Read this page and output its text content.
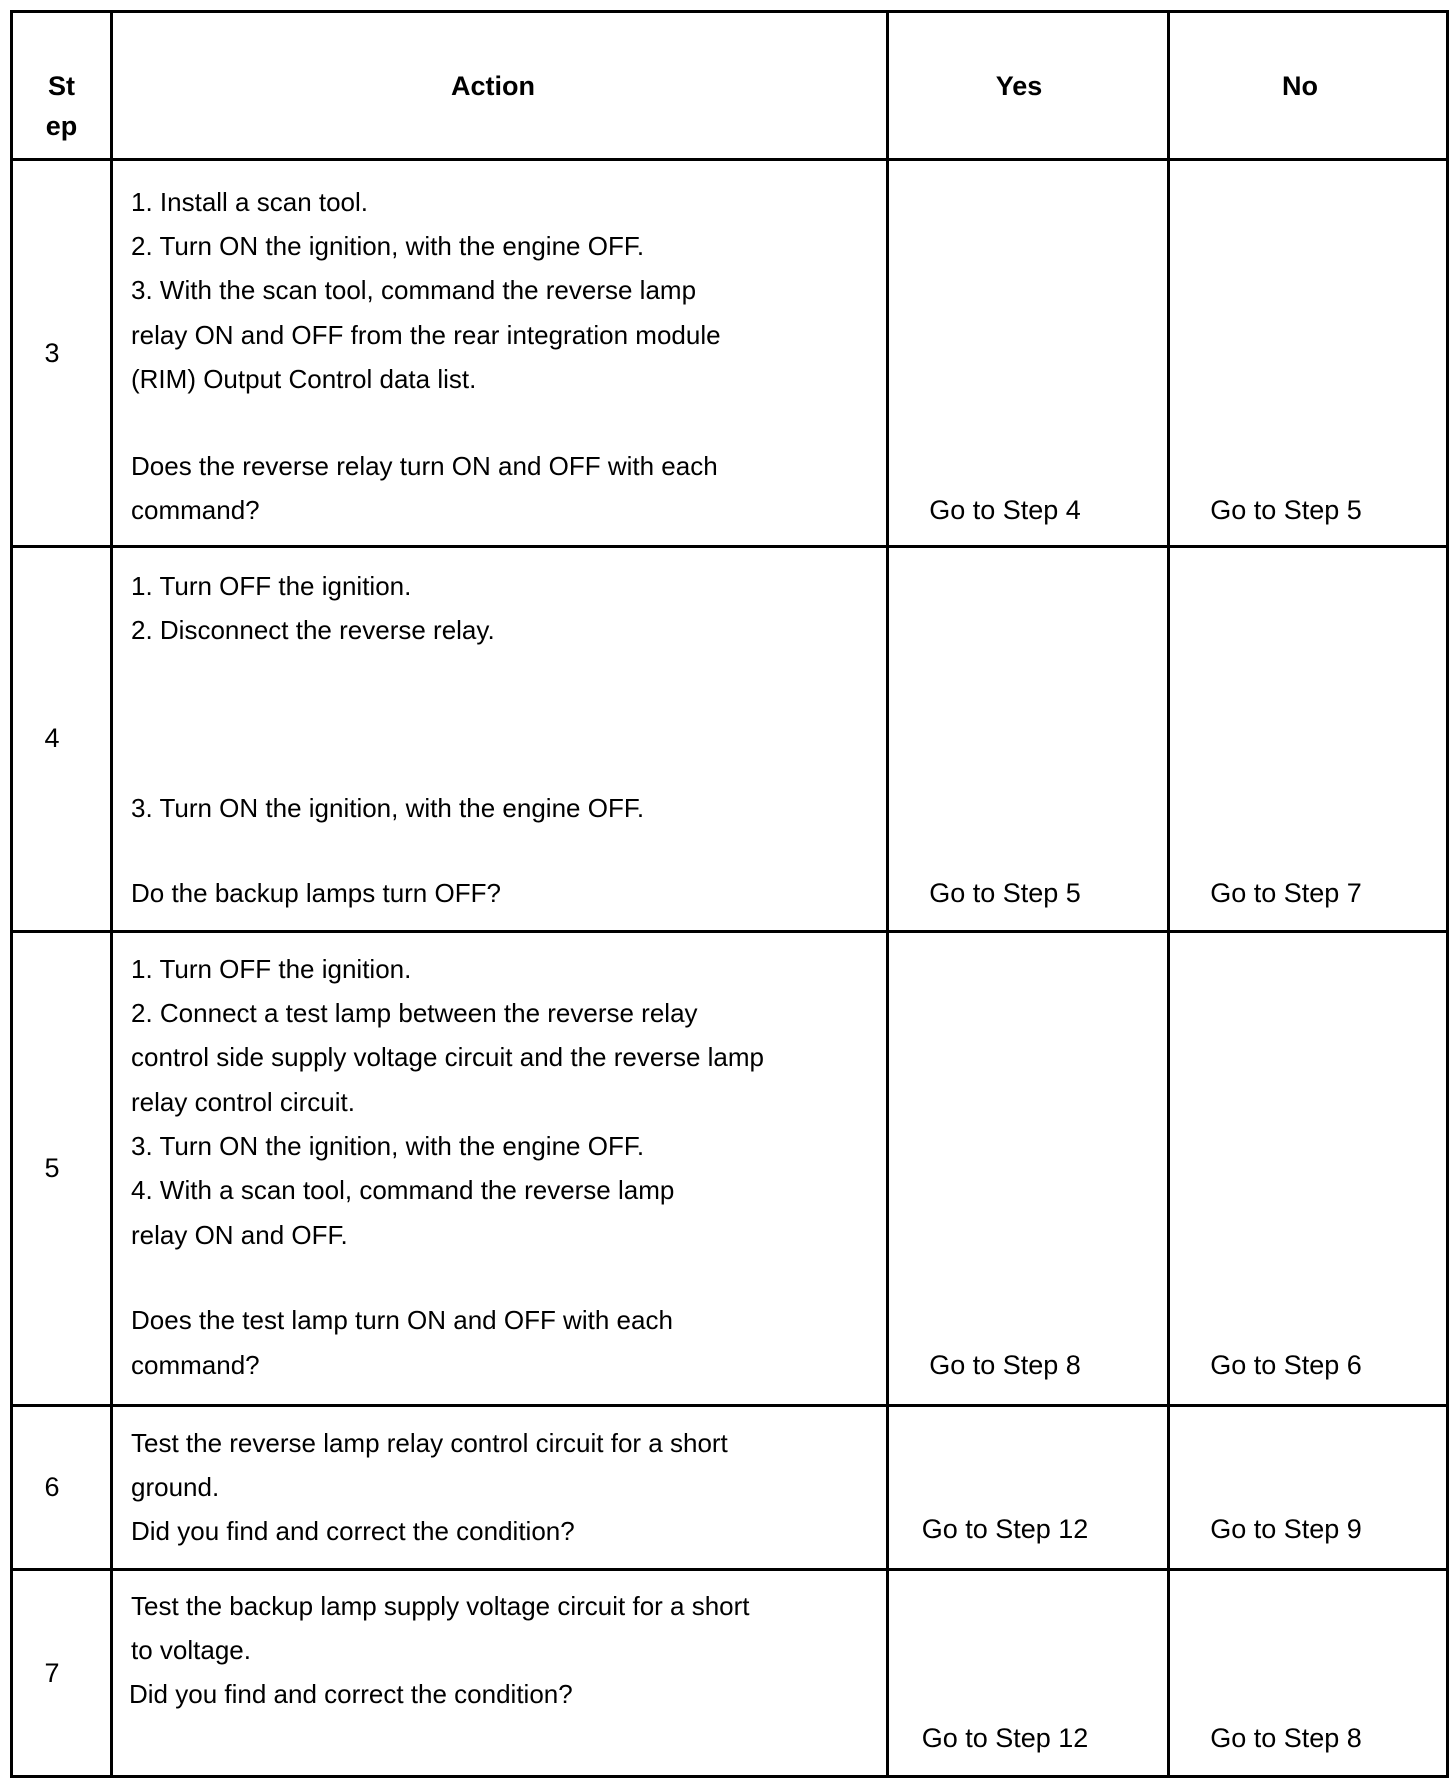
St
ep
Action	Yes	No
3
1. Install a scan tool.
2. Turn ON the ignition, with the engine OFF.
3. With the scan tool, command the reverse lamp
relay ON and OFF from the rear integration module
(RIM) Output Control data list.
Does the reverse relay turn ON and OFF with each
command?	Go to Step 4	Go to Step 5
4
1. Turn OFF the ignition.
2. Disconnect the reverse relay.
3. Turn ON the ignition, with the engine OFF.
Do the backup lamps turn OFF?	Go to Step 5	Go to Step 7
5
1. Turn OFF the ignition.
2. Connect a test lamp between the reverse relay
control side supply voltage circuit and the reverse lamp
relay control circuit.
3. Turn ON the ignition, with the engine OFF.
4. With a scan tool, command the reverse lamp
relay ON and OFF.
Does the test lamp turn ON and OFF with each
command?	Go to Step 8	Go to Step 6
6
Test the reverse lamp relay control circuit for a short
ground.
Did you find and correct the condition?	Go to Step 12	Go to Step 9
7
Test the backup lamp supply voltage circuit for a short
to voltage.
Did you find and correct the condition?
Go to Step 12	Go to Step 8
